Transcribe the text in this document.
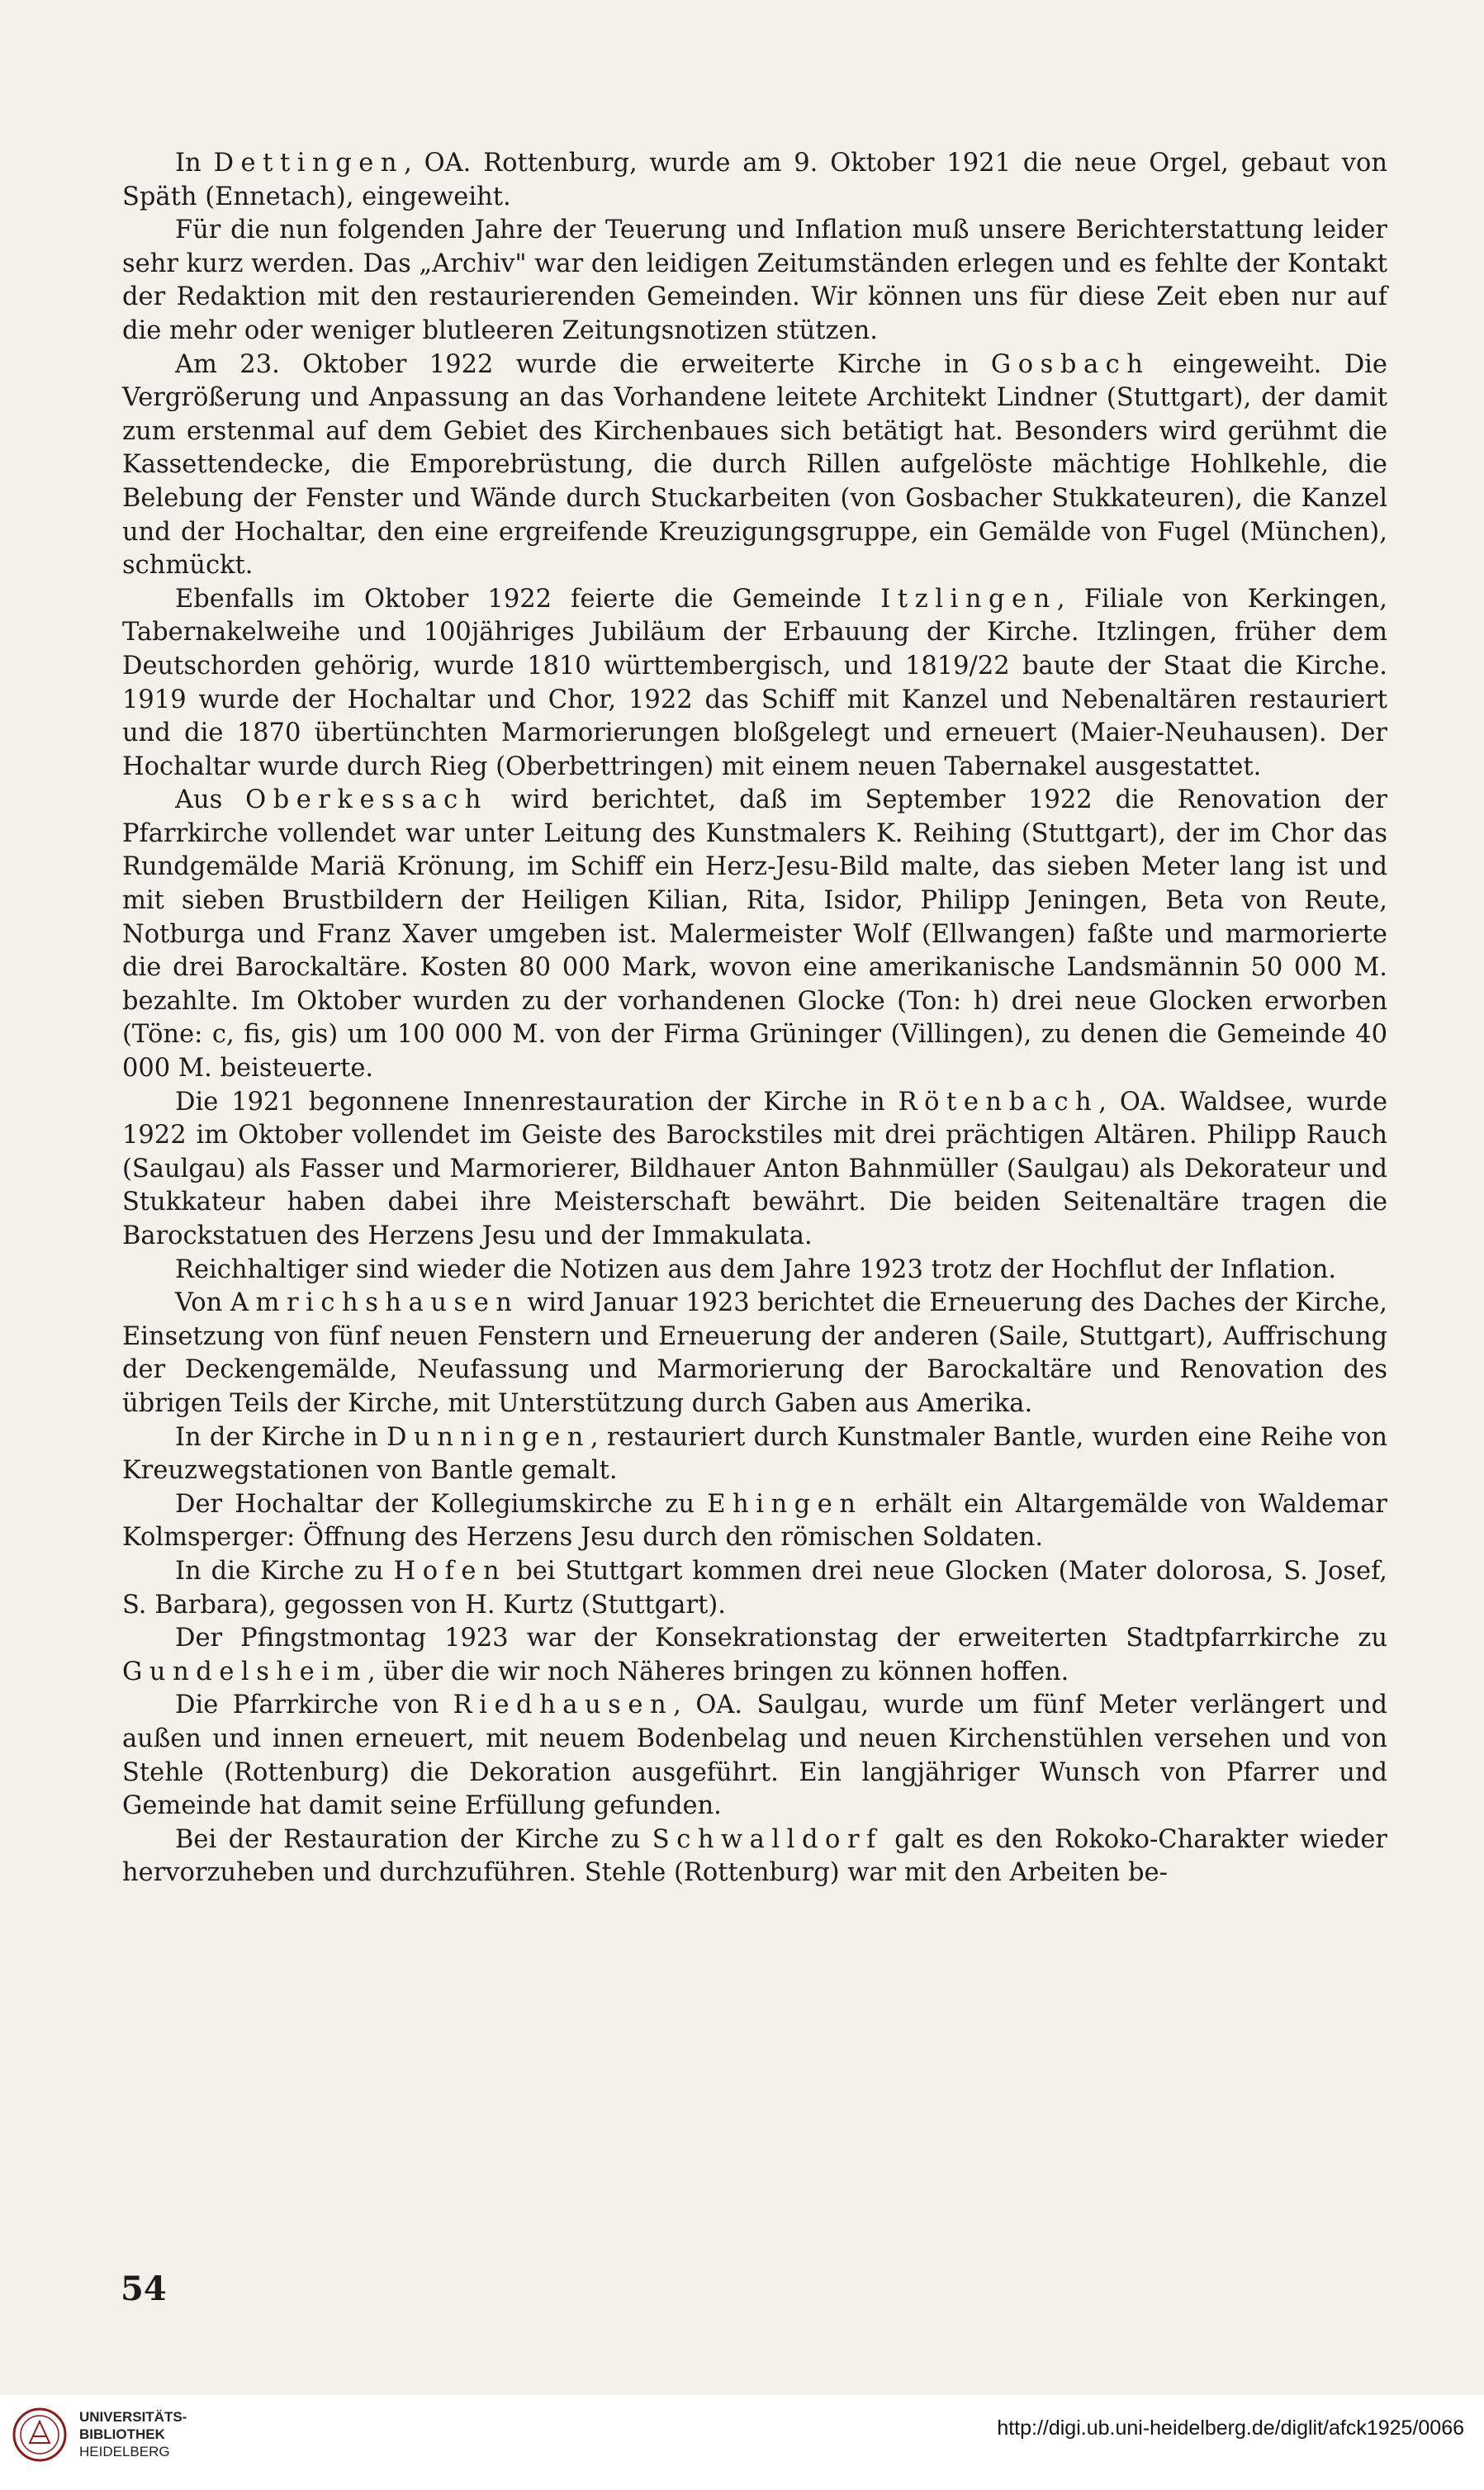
In Dettingen, OA. Rottenburg, wurde am 9. Oktober 1921 die neue Orgel, gebaut von Späth (Ennetach), eingeweiht.

Für die nun folgenden Jahre der Teuerung und Inflation muß unsere Berichterstattung leider sehr kurz werden. Das „Archiv" war den leidigen Zeitumständen erlegen und es fehlte der Kontakt der Redaktion mit den restaurierenden Gemeinden. Wir können uns für diese Zeit eben nur auf die mehr oder weniger blutleeren Zeitungsnotizen stützen.

Am 23. Oktober 1922 wurde die erweiterte Kirche in Gosbach eingeweiht. Die Vergrößerung und Anpassung an das Vorhandene leitete Architekt Lindner (Stuttgart), der damit zum erstenmal auf dem Gebiet des Kirchenbaues sich betätigt hat. Besonders wird gerühmt die Kassettendecke, die Emporebrüstung, die durch Rillen aufgelöste mächtige Hohlkehle, die Belebung der Fenster und Wände durch Stuckarbeiten (von Gosbacher Stukkateuren), die Kanzel und der Hochaltar, den eine ergreifende Kreuzigungsgruppe, ein Gemälde von Fugel (München), schmückt.

Ebenfalls im Oktober 1922 feierte die Gemeinde Itzlingen, Filiale von Kerkingen, Tabernakelweihe und 100jähriges Jubiläum der Erbauung der Kirche. Itzlingen, früher dem Deutschorden gehörig, wurde 1810 württembergisch, und 1819/22 baute der Staat die Kirche. 1919 wurde der Hochaltar und Chor, 1922 das Schiff mit Kanzel und Nebenaltären restauriert und die 1870 übertünchten Marmorierungen bloßgelegt und erneuert (Maier-Neuhausen). Der Hochaltar wurde durch Rieg (Oberbettringen) mit einem neuen Tabernakel ausgestattet.

Aus Oberkessach wird berichtet, daß im September 1922 die Renovation der Pfarrkirche vollendet war unter Leitung des Kunstmalers K. Reihing (Stuttgart), der im Chor das Rundgemälde Mariä Krönung, im Schiff ein Herz-Jesu-Bild malte, das sieben Meter lang ist und mit sieben Brustbildern der Heiligen Kilian, Rita, Isidor, Philipp Jeningen, Beta von Reute, Notburga und Franz Xaver umgeben ist. Malermeister Wolf (Ellwangen) faßte und marmorierte die drei Barockaltäre. Kosten 80 000 Mark, wovon eine amerikanische Landsmännin 50 000 M. bezahlte. Im Oktober wurden zu der vorhandenen Glocke (Ton: h) drei neue Glocken erworben (Töne: c, fis, gis) um 100 000 M. von der Firma Grüninger (Villingen), zu denen die Gemeinde 40 000 M. beisteuerte.

Die 1921 begonnene Innenrestauration der Kirche in Rötenbach, OA. Waldsee, wurde 1922 im Oktober vollendet im Geiste des Barockstiles mit drei prächtigen Altären. Philipp Rauch (Saulgau) als Fasser und Marmorierer, Bildhauer Anton Bahnmüller (Saulgau) als Dekorateur und Stukkateur haben dabei ihre Meisterschaft bewährt. Die beiden Seitenaltäre tragen die Barockstatuen des Herzens Jesu und der Immakulata.

Reichhaltiger sind wieder die Notizen aus dem Jahre 1923 trotz der Hochflut der Inflation.

Von Amrichshausen wird Januar 1923 berichtet die Erneuerung des Daches der Kirche, Einsetzung von fünf neuen Fenstern und Erneuerung der anderen (Saile, Stuttgart), Auffrischung der Deckengemälde, Neufassung und Marmorierung der Barockaltäre und Renovation des übrigen Teils der Kirche, mit Unterstützung durch Gaben aus Amerika.

In der Kirche in Dunningen, restauriert durch Kunstmaler Bantle, wurden eine Reihe von Kreuzwegstationen von Bantle gemalt.

Der Hochaltar der Kollegiumskirche zu Ehingen erhält ein Altargemälde von Waldemar Kolmsperger: Öffnung des Herzens Jesu durch den römischen Soldaten.

In die Kirche zu Hofen bei Stuttgart kommen drei neue Glocken (Mater dolorosa, S. Josef, S. Barbara), gegossen von H. Kurtz (Stuttgart).

Der Pfingstmontag 1923 war der Konsekrationstag der erweiterten Stadtpfarrkirche zu Gundelsheim, über die wir noch Näheres bringen zu können hoffen.

Die Pfarrkirche von Riedhausen, OA. Saulgau, wurde um fünf Meter verlängert und außen und innen erneuert, mit neuem Bodenbelag und neuen Kirchenstühlen versehen und von Stehle (Rottenburg) die Dekoration ausgeführt. Ein langjähriger Wunsch von Pfarrer und Gemeinde hat damit seine Erfüllung gefunden.

Bei der Restauration der Kirche zu Schwalldorf galt es den Rokoko-Charakter wieder hervorzuheben und durchzuführen. Stehle (Rottenburg) war mit den Arbeiten be-

54
UNIVERSITÄTS-
BIBLIOTHEK
HEIDELBERG
http://digi.ub.uni-heidelberg.de/diglit/afck1925/0066
